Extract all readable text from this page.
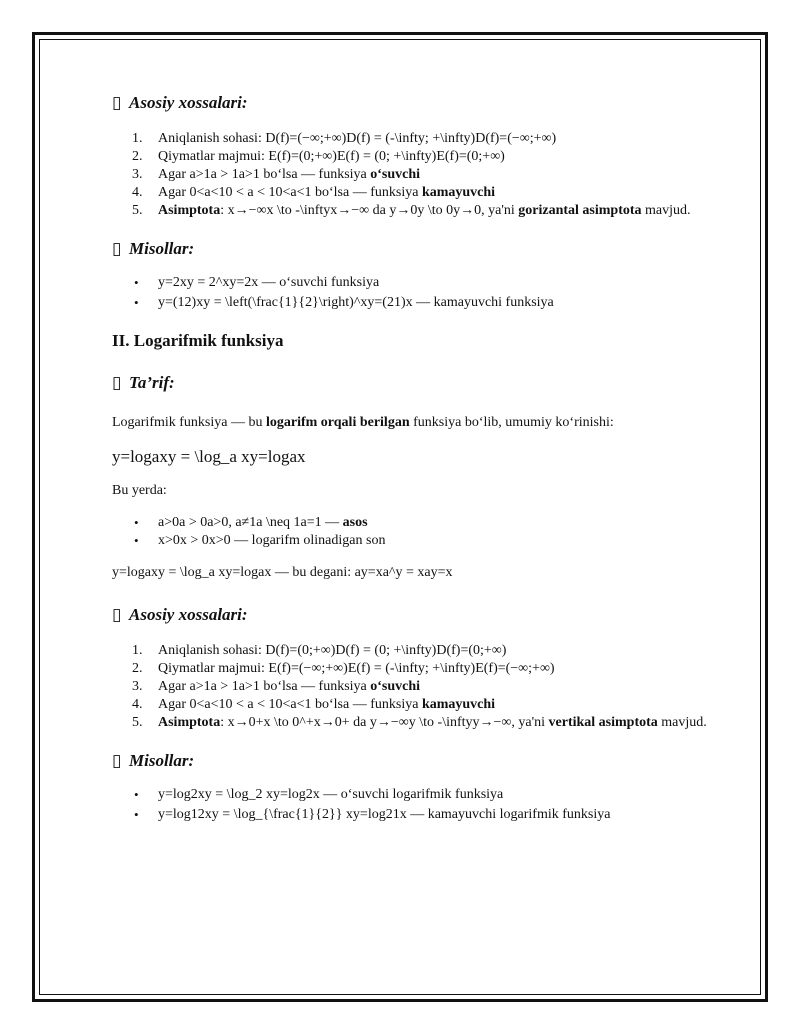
▯ Asosiy xossalari:
1. Aniqlanish sohasi: D(f)=(−∞;+∞)D(f) = (-\infty; +\infty)D(f)=(−∞;+∞)
2. Qiymatlar majmui: E(f)=(0;+∞)E(f) = (0; +\infty)E(f)=(0;+∞)
3. Agar a>1a > 1a>1 bo‘lsa — funksiya o‘suvchi
4. Agar 0<a<10 < a < 10<a<1 bo‘lsa — funksiya kamayuvchi
5. Asimptota: x→−∞x \to -\inftyx→−∞ da y→0y \to 0y→0, ya'ni gorizantal asimptota mavjud.
▯ Misollar:
• y=2xy = 2^xy=2x — o‘suvchi funksiya
• y=(12)xy = \left(\frac{1}{2}\right)^xy=(21)x — kamayuvchi funksiya
II. Logarifmik funksiya
▯ Ta’rif:

Logarifmik funksiya — bu logarifm orqali berilgan funksiya bo‘lib, umumiy ko‘rinishi:

y=logaxy = \log_a xy=logax

Bu yerda:

• a>0a > 0a>0, a≠1a \neq 1a⁠=1 — asos
• x>0x > 0x>0 — logarifm olinadigan son

y=logaxy = \log_a xy=logax — bu degani: ay=xa^y = xay=x

▯ Asosiy xossalari:
1. Aniqlanish sohasi: D(f)=(0;+∞)D(f) = (0; +\infty)D(f)=(0;+∞)
2. Qiymatlar majmui: E(f)=(−∞;+∞)E(f) = (-\infty; +\infty)E(f)=(−∞;+∞)
3. Agar a>1a > 1a>1 bo‘lsa — funksiya o‘suvchi
4. Agar 0<a<10 < a < 10<a<1 bo‘lsa — funksiya kamayuvchi
5. Asimptota: x→0+x \to 0^+x→0+ da y→−∞y \to -\inftyy→−∞, ya'ni vertikal asimptota mavjud.
▯ Misollar:
• y=log2xy = \log_2 xy=log2x — o‘suvchi logarifmik funksiya
• y=log12xy = \log_{\frac{1}{2}} xy=log21x — kamayuvchi logarifmik funksiya
